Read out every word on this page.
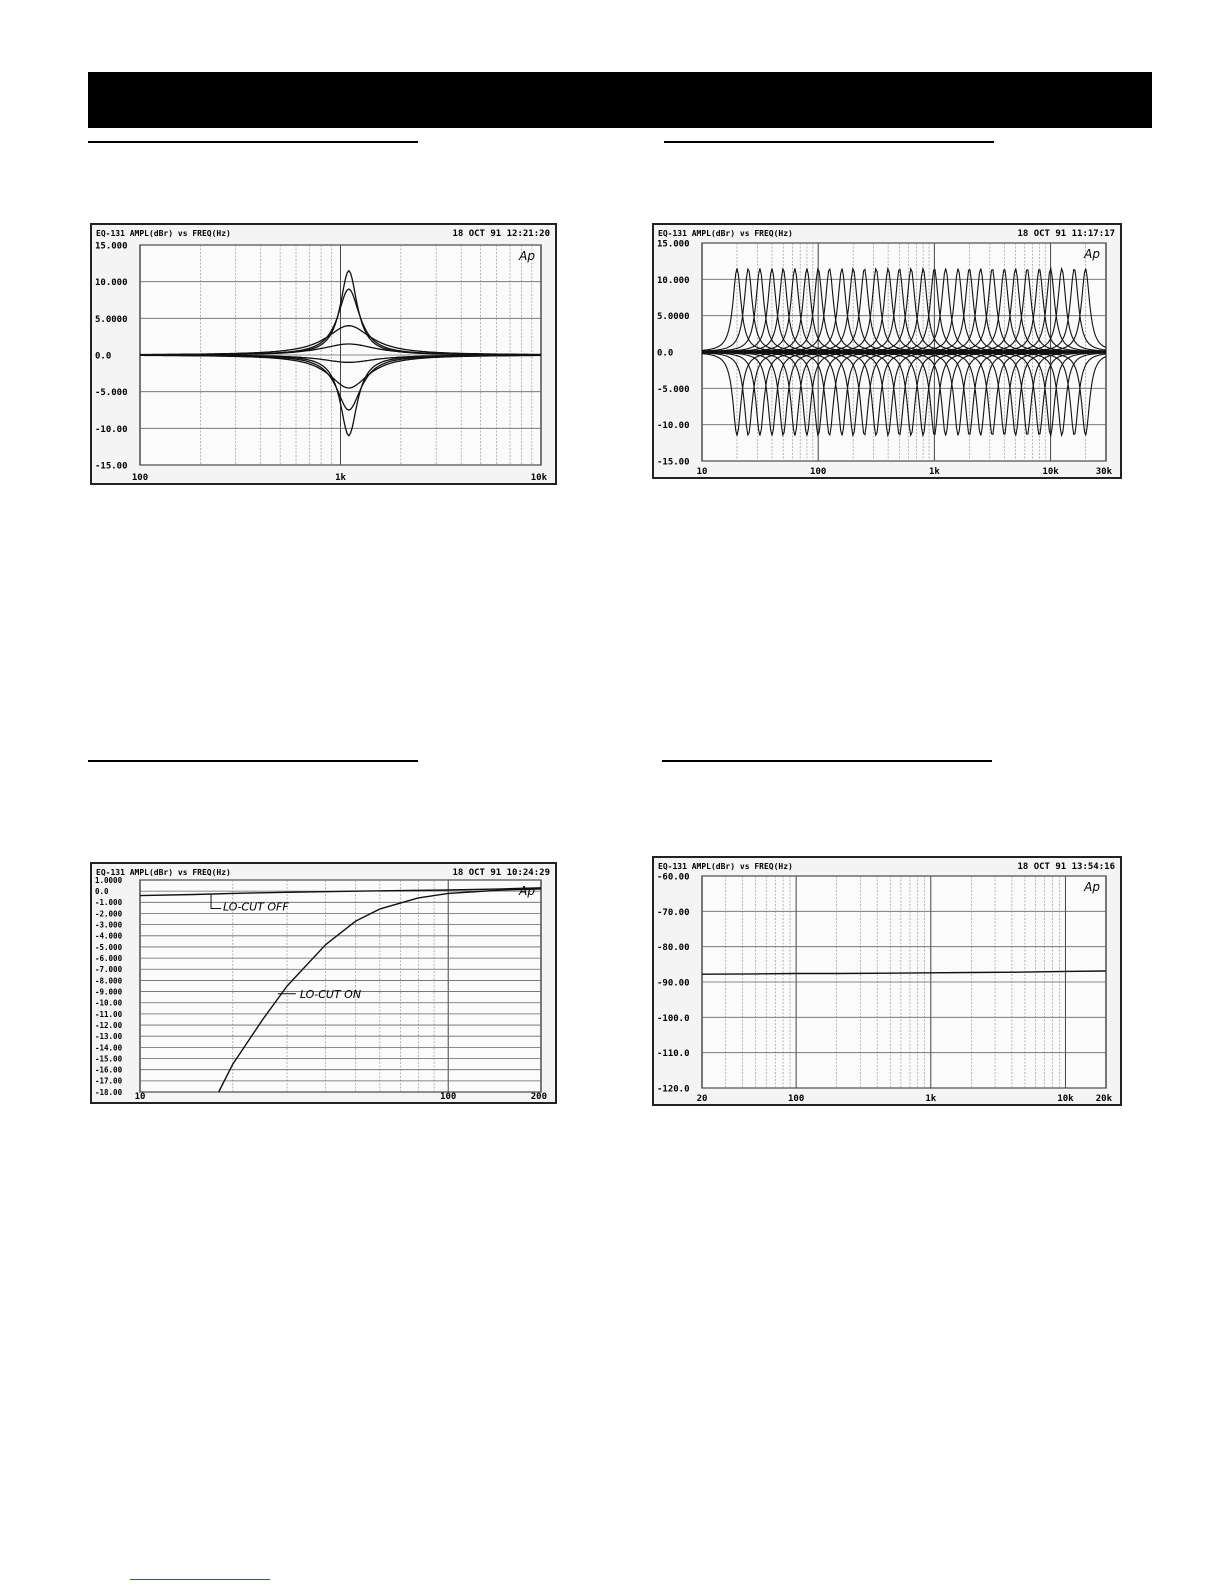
EQ-131 AMPL(dBr) vs FREQ(Hz)	18 OCT 91 12:21:20
15.000
10.000
5.0000
0.0
-5.000
-10.00
-15.00
100	1k	10k
Ap
EQ-131 AMPL(dBr) vs FREQ(Hz)	18 OCT 91 11:17:17
15.000
10.000
5.0000
0.0
-5.000
-10.00
-15.00
10	100	1k	10k	30k
Ap
EQ-131 AMPL(dBr) vs FREQ(Hz)	18 OCT 91 10:24:29
1.0000
0.0
-1.000
-2.000
-3.000
-4.000
-5.000
-6.000
-7.000
-8.000
-9.000
-10.00
-11.00
-12.00
-13.00
-14.00
-15.00
-16.00
-17.00
-18.00 10	100	200
Ap
LO-CUT OFF
LO-CUT ON
EQ-131 AMPL(dBr) vs FREQ(Hz)	18 OCT 91 13:54:16
-60.00
-70.00
-80.00
-90.00
-100.0
-110.0
-120.0
20	100	1k	10k 20k
Ap
